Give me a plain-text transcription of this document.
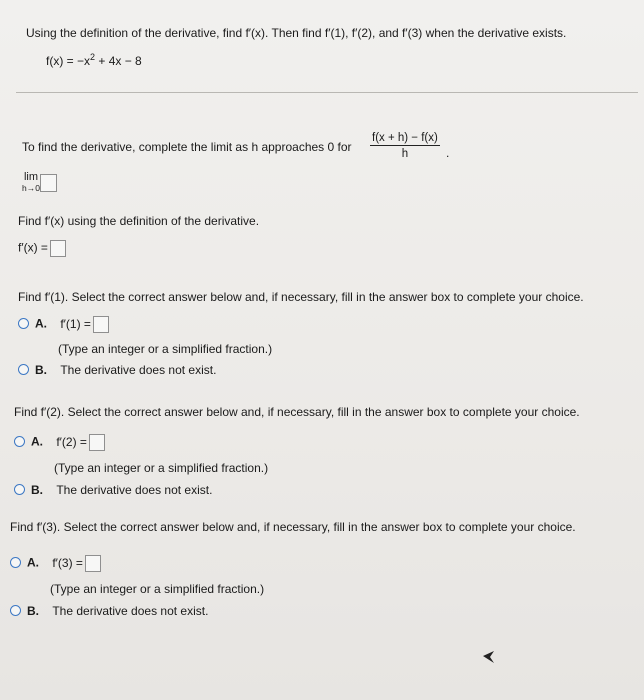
Using the definition of the derivative, find f′(x). Then find f′(1), f′(2), and f′(3) when the derivative exists.
$f(x) = -x^2 + 4x - 8$
To find the derivative, complete the limit as h approaches 0 for $\frac{f(x + h) - f(x)}{h}$ .
lim
h→0
Find f′(x) using the definition of the derivative.
f′(x) =
Find f′(1). Select the correct answer below and, if necessary, fill in the answer box to complete your choice.
A. f′(1) =
(Type an integer or a simplified fraction.)
B. The derivative does not exist.
Find f′(2). Select the correct answer below and, if necessary, fill in the answer box to complete your choice.
A. f′(2) =
(Type an integer or a simplified fraction.)
B. The derivative does not exist.
Find f′(3). Select the correct answer below and, if necessary, fill in the answer box to complete your choice.
A. f′(3) =
(Type an integer or a simplified fraction.)
B. The derivative does not exist.
